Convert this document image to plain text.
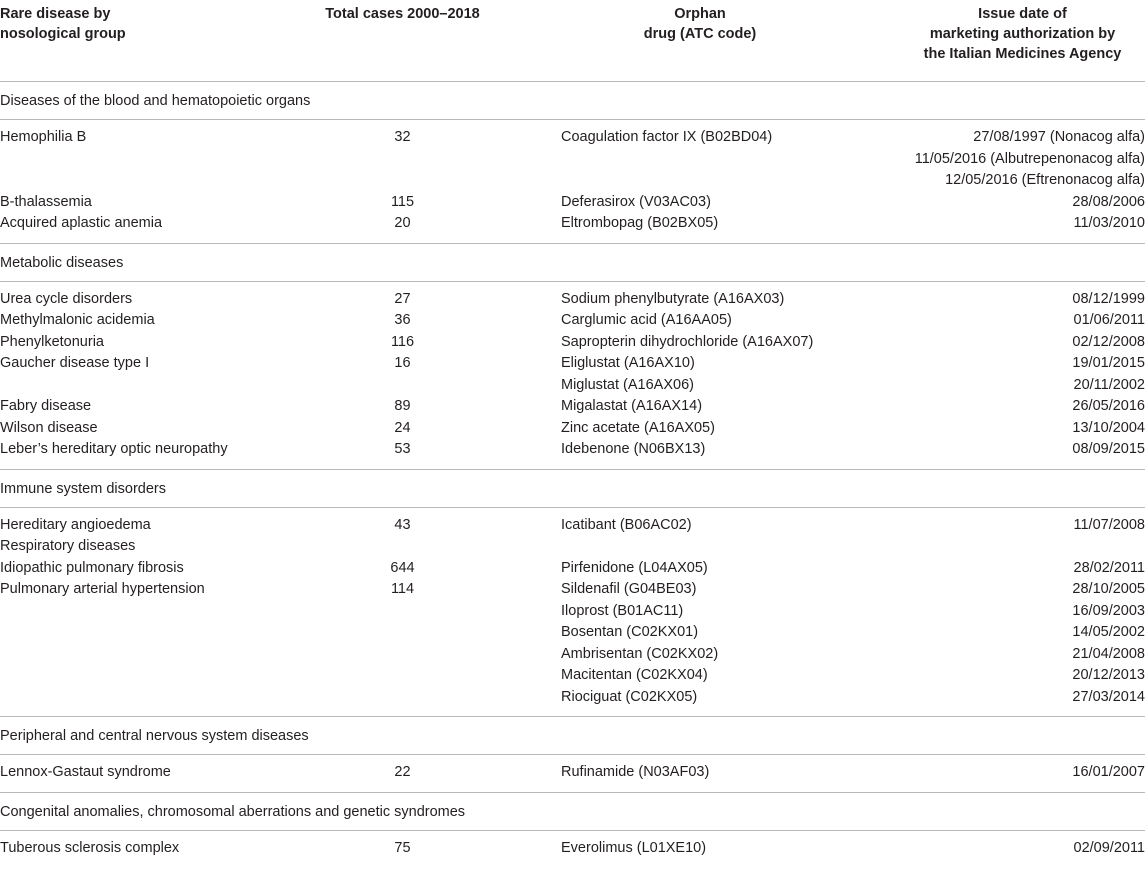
Rare disease by
nosological group
Total cases 2000–2018	Orphan
drug (ATC code)
Issue date of
marketing authorization by
the Italian Medicines Agency
Diseases of the blood and hematopoietic organs
Hemophilia B	32	Coagulation factor IX (B02BD04)	27/08/1997 (Nonacog alfa)
11/05/2016 (Albutrepenonacog alfa)
12/05/2016 (Eftrenonacog alfa)
B-thalassemia	115	Deferasirox (V03AC03)	28/08/2006
Acquired aplastic anemia	20	Eltrombopag (B02BX05)	11/03/2010
Metabolic diseases
Urea cycle disorders	27	Sodium phenylbutyrate (A16AX03)	08/12/1999
Methylmalonic acidemia	36	Carglumic acid (A16AA05)	01/06/2011
Phenylketonuria	116	Sapropterin dihydrochloride (A16AX07)	02/12/2008
Gaucher disease type I	16	Eliglustat (A16AX10)	19/01/2015
Miglustat (A16AX06)	20/11/2002
Fabry disease	89	Migalastat (A16AX14)	26/05/2016
Wilson disease	24	Zinc acetate (A16AX05)	13/10/2004
Leber’s hereditary optic neuropathy	53	Idebenone (N06BX13)	08/09/2015
Immune system disorders
Hereditary angioedema	43	Icatibant (B06AC02)	11/07/2008
Respiratory diseases
Idiopathic pulmonary fibrosis	644	Pirfenidone (L04AX05)	28/02/2011
Pulmonary arterial hypertension	114	Sildenafil (G04BE03)	28/10/2005
Iloprost (B01AC11)	16/09/2003
Bosentan (C02KX01)	14/05/2002
Ambrisentan (C02KX02)	21/04/2008
Macitentan (C02KX04)	20/12/2013
Riociguat (C02KX05)	27/03/2014
Peripheral and central nervous system diseases
Lennox-Gastaut syndrome	22	Rufinamide (N03AF03)	16/01/2007
Congenital anomalies, chromosomal aberrations and genetic syndromes
Tuberous sclerosis complex	75	Everolimus (L01XE10)	02/09/2011
